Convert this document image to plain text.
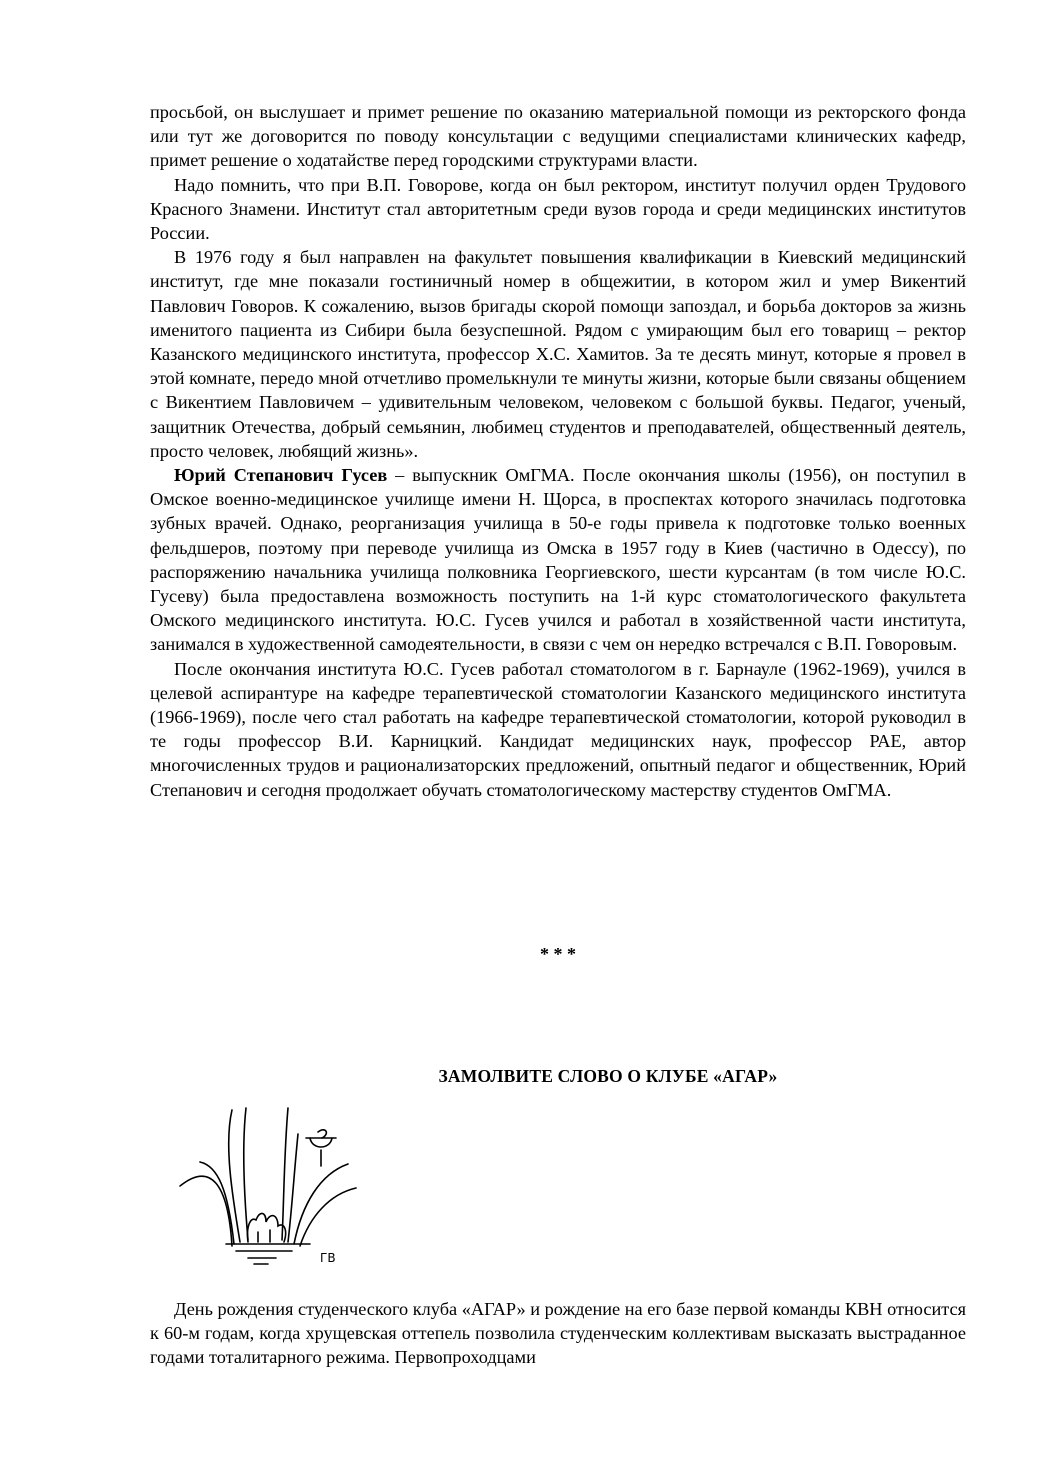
просьбой, он выслушает и примет решение по оказанию материальной помощи из ректорского фонда или тут же договорится по поводу консультации с ведущими специалистами клинических кафедр, примет решение о ходатайстве перед городскими структурами власти.

Надо помнить, что при В.П. Говорове, когда он был ректором, институт получил орден Трудового Красного Знамени. Институт стал авторитетным среди вузов города и среди медицинских институтов России.

В 1976 году я был направлен на факультет повышения квалификации в Киевский медицинский институт, где мне показали гостиничный номер в общежитии, в котором жил и умер Викентий Павлович Говоров. К сожалению, вызов бригады скорой помощи запоздал, и борьба докторов за жизнь именитого пациента из Сибири была безуспешной. Рядом с умирающим был его товарищ – ректор Казанского медицинского института, профессор Х.С. Хамитов. За те десять минут, которые я провел в этой комнате, передо мной отчетливо промелькнули те минуты жизни, которые были связаны общением с Викентием Павловичем – удивительным человеком, человеком с большой буквы. Педагог, ученый, защитник Отечества, добрый семьянин, любимец студентов и преподавателей, общественный деятель, просто человек, любящий жизнь».

Юрий Степанович Гусев – выпускник ОмГМА. После окончания школы (1956), он поступил в Омское военно-медицинское училище имени Н. Щорса, в проспектах которого значилась подготовка зубных врачей. Однако, реорганизация училища в 50-е годы привела к подготовке только военных фельдшеров, поэтому при переводе училища из Омска в 1957 году в Киев (частично в Одессу), по распоряжению начальника училища полковника Георгиевского, шести курсантам (в том числе Ю.С. Гусеву) была предоставлена возможность поступить на 1-й курс стоматологического факультета Омского медицинского института. Ю.С. Гусев учился и работал в хозяйственной части института, занимался в художественной самодеятельности, в связи с чем он нередко встречался с В.П. Говоровым.

После окончания института Ю.С. Гусев работал стоматологом в г. Барнауле (1962-1969), учился в целевой аспирантуре на кафедре терапевтической стоматологии Казанского медицинского института (1966-1969), после чего стал работать на кафедре терапевтической стоматологии, которой руководил в те годы профессор В.И. Карницкий. Кандидат медицинских наук, профессор РАЕ, автор многочисленных трудов и рационализаторских предложений, опытный педагог и общественник, Юрий Степанович и сегодня продолжает обучать стоматологическому мастерству студентов ОмГМА.

* * *
ЗАМОЛВИТЕ СЛОВО О КЛУБЕ «АГАР»
ГВ

День рождения студенческого клуба «АГАР» и рождение на его базе первой команды КВН относится к 60-м годам, когда хрущевская оттепель позволила студенческим коллективам высказать выстраданное годами тоталитарного режима. Первопроходцами
